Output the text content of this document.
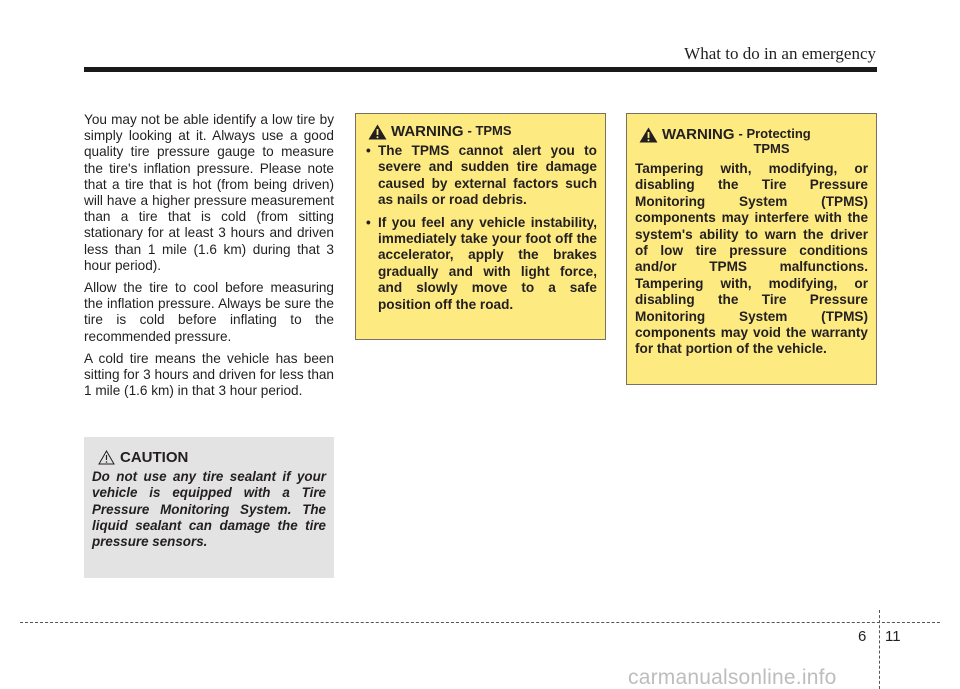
What to do in an emergency

You may not be able identify a low tire by simply looking at it. Always use a good quality tire pressure gauge to measure the tire's inflation pressure. Please note that a tire that is hot (from being driven) will have a higher pressure measurement than a tire that is cold (from sitting stationary for at least 3 hours and driven less than 1 mile (1.6 km) during that 3 hour period).

Allow the tire to cool before measuring the inflation pressure. Always be sure the tire is cold before inflating to the recommended pressure.

A cold tire means the vehicle has been sitting for 3 hours and driven for less than 1 mile (1.6 km) in that 3 hour period.

CAUTION
Do not use any tire sealant if your vehicle is equipped with a Tire Pressure Monitoring System. The liquid sealant can damage the tire pressure sensors.
WARNING - TPMS
• The TPMS cannot alert you to severe and sudden tire damage caused by external factors such as nails or road debris.
• If you feel any vehicle instability, immediately take your foot off the accelerator, apply the brakes gradually and with light force, and slowly move to a safe position off the road.
WARNING - Protecting
TPMS
Tampering with, modifying, or disabling the Tire Pressure Monitoring System (TPMS) components may interfere with the system's ability to warn the driver of low tire pressure conditions and/or TPMS malfunctions. Tampering with, modifying, or disabling the Tire Pressure Monitoring System (TPMS) components may void the warranty for that portion of the vehicle.
6 11
carmanualsonline.info
